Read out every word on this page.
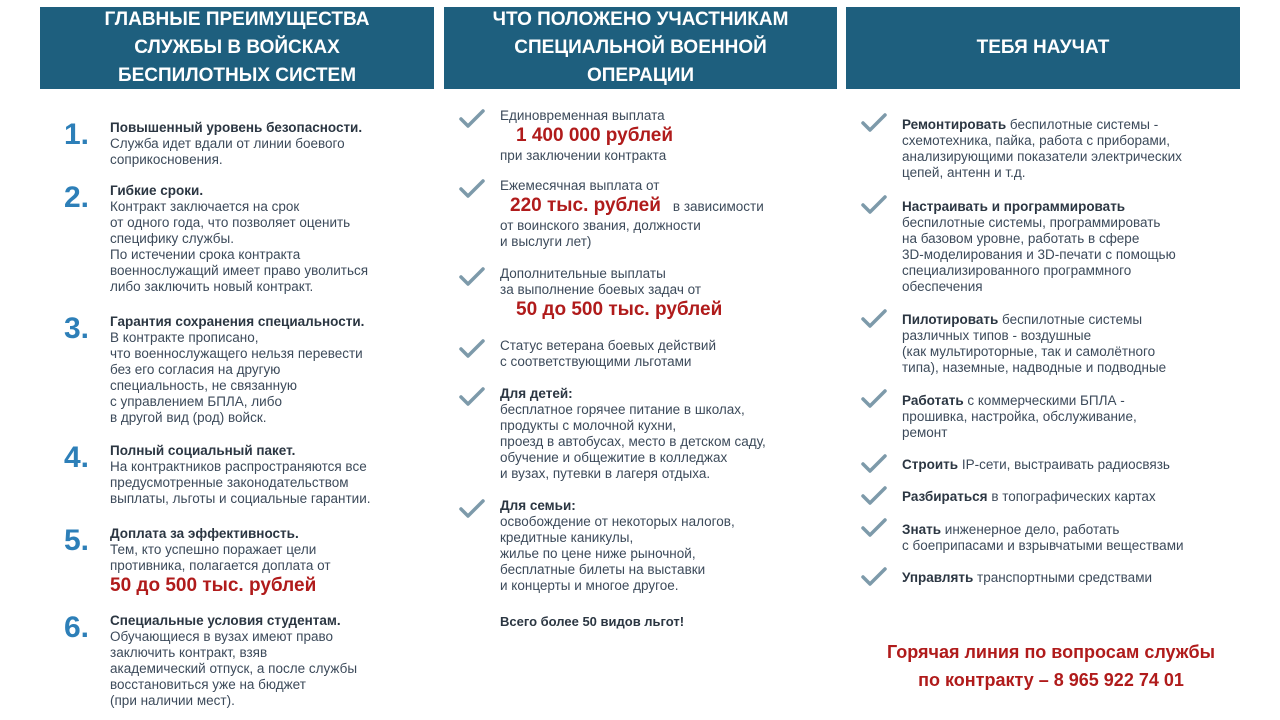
ГЛАВНЫЕ ПРЕИМУЩЕСТВА
СЛУЖБЫ В ВОЙСКАХ
БЕСПИЛОТНЫХ СИСТЕМ
1.	Повышенный уровень безопасности.
Служба идет вдали от линии боевого
соприкосновения.
2.	Гибкие сроки.
Контракт заключается на срок
от одного года, что позволяет оценить
специфику службы.
По истечении срока контракта
военнослужащий имеет право уволиться
либо заключить новый контракт.
3.	Гарантия сохранения специальности.
В контракте прописано,
что военнослужащего нельзя перевести
без его согласия на другую
специальность, не связанную
с управлением БПЛА, либо
в другой вид (род) войск.
4.	Полный социальный пакет.
На контрактников распространяются все
предусмотренные законодательством
выплаты, льготы и социальные гарантии.
5.	Доплата за эффективность.
Тем, кто успешно поражает цели
противника, полагается доплата от
50 до 500 тыс. рублей
6.	Специальные условия студентам.
Обучающиеся в вузах имеют право
заключить контракт, взяв
академический отпуск, а после службы
восстановиться уже на бюджет
(при наличии мест).
ЧТО ПОЛОЖЕНО УЧАСТНИКАМ
СПЕЦИАЛЬНОЙ ВОЕННОЙ
ОПЕРАЦИИ
Единовременная выплата
1 400 000 рублей
при заключении контракта
Ежемесячная выплата от
220 тыс. рублей в зависимости
от воинского звания, должности
и выслуги лет)
Дополнительные выплаты
за выполнение боевых задач от
50 до 500 тыс. рублей
Статус ветерана боевых действий
с соответствующими льготами
Для детей:
бесплатное горячее питание в школах,
продукты с молочной кухни,
проезд в автобусах, место в детском саду,
обучение и общежитие в колледжах
и вузах, путевки в лагеря отдыха.
Для семьи:
освобождение от некоторых налогов,
кредитные каникулы,
жилье по цене ниже рыночной,
бесплатные билеты на выставки
и концерты и многое другое.
Всего более 50 видов льгот!
ТЕБЯ НАУЧАТ
Ремонтировать беспилотные системы -
схемотехника, пайка, работа с приборами,
анализирующими показатели электрических
цепей, антенн и т.д.
Настраивать и программировать
беспилотные системы, программировать
на базовом уровне, работать в сфере
3D-моделирования и 3D-печати с помощью
специализированного программного
обеспечения
Пилотировать беспилотные системы
различных типов - воздушные
(как мультироторные, так и самолётного
типа), наземные, надводные и подводные
Работать с коммерческими БПЛА -
прошивка, настройка, обслуживание,
ремонт
Строить IP-сети, выстраивать радиосвязь
Разбираться в топографических картах
Знать инженерное дело, работать
с боеприпасами и взрывчатыми веществами
Управлять транспортными средствами
Горячая линия по вопросам службы
по контракту – 8 965 922 74 01
